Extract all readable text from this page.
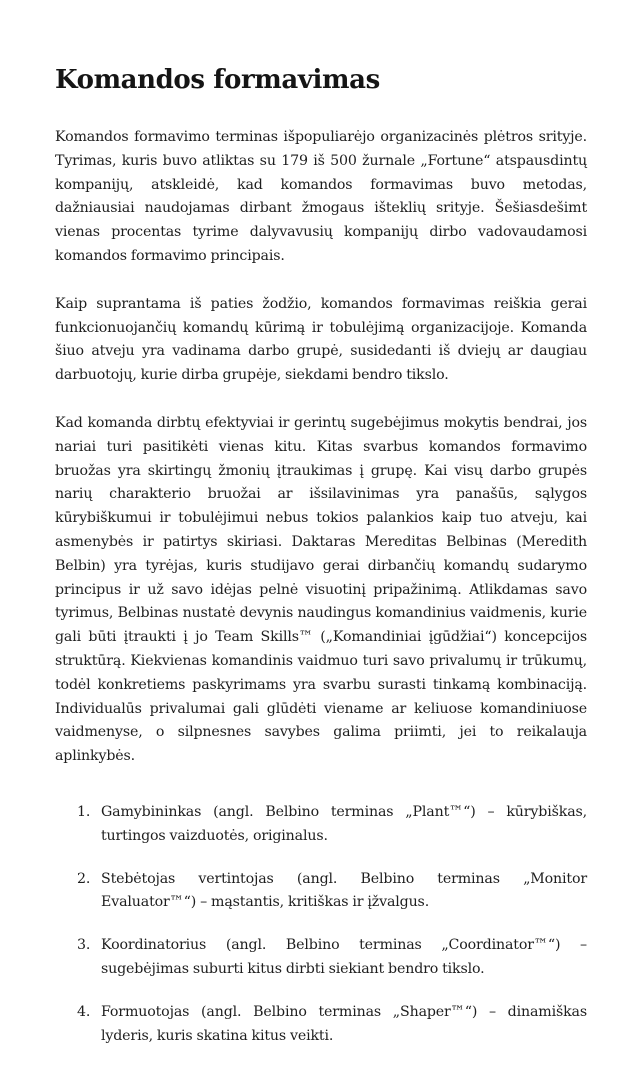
Komandos formavimas

Komandos formavimo terminas išpopuliarėjo organizacinės plėtros srityje. Tyrimas, kuris buvo atliktas su 179 iš 500 žurnale „Fortune“ atspausdintų kompanijų, atskleidė, kad komandos formavimas buvo metodas, dažniausiai naudojamas dirbant žmogaus išteklių srityje. Šešiasdešimt vienas procentas tyrime dalyvavusių kompanijų dirbo vadovaudamosi komandos formavimo principais.

Kaip suprantama iš paties žodžio, komandos formavimas reiškia gerai funkcionuojančių komandų kūrimą ir tobulėjimą organizacijoje. Komanda šiuo atveju yra vadinama darbo grupė, susidedanti iš dviejų ar daugiau darbuotojų, kurie dirba grupėje, siekdami bendro tikslo.

Kad komanda dirbtų efektyviai ir gerintų sugebėjimus mokytis bendrai, jos nariai turi pasitikėti vienas kitu. Kitas svarbus komandos formavimo bruožas yra skirtingų žmonių įtraukimas į grupę. Kai visų darbo grupės narių charakterio bruožai ar išsilavinimas yra panašūs, sąlygos kūrybiškumui ir tobulėjimui nebus tokios palankios kaip tuo atveju, kai asmenybės ir patirtys skiriasi. Daktaras Mereditas Belbinas (Meredith Belbin) yra tyrėjas, kuris studijavo gerai dirbančių komandų sudarymo principus ir už savo idėjas pelnė visuotinį pripažinimą. Atlikdamas savo tyrimus, Belbinas nustatė devynis naudingus komandinius vaidmenis, kurie gali būti įtraukti į jo Team Skills™ („Komandiniai įgūdžiai“) koncepcijos struktūrą. Kiekvienas komandinis vaidmuo turi savo privalumų ir trūkumų, todėl konkretiems paskyrimams yra svarbu surasti tinkamą kombinaciją. Individualūs privalumai gali glūdėti viename ar keliuose komandiniuose vaidmenyse, o silpnesnes savybes galima priimti, jei to reikalauja aplinkybės.

1. Gamybininkas (angl. Belbino terminas „Plant™“) – kūrybiškas, turtingos vaizduotės, originalus.
2. Stebėtojas vertintojas (angl. Belbino terminas „Monitor Evaluator™“) – mąstantis, kritiškas ir įžvalgus.
3. Koordinatorius (angl. Belbino terminas „Coordinator™“) – sugebėjimas suburti kitus dirbti siekiant bendro tikslo.
4. Formuotojas (angl. Belbino terminas „Shaper™“) – dinamiškas lyderis, kuris skatina kitus veikti.
